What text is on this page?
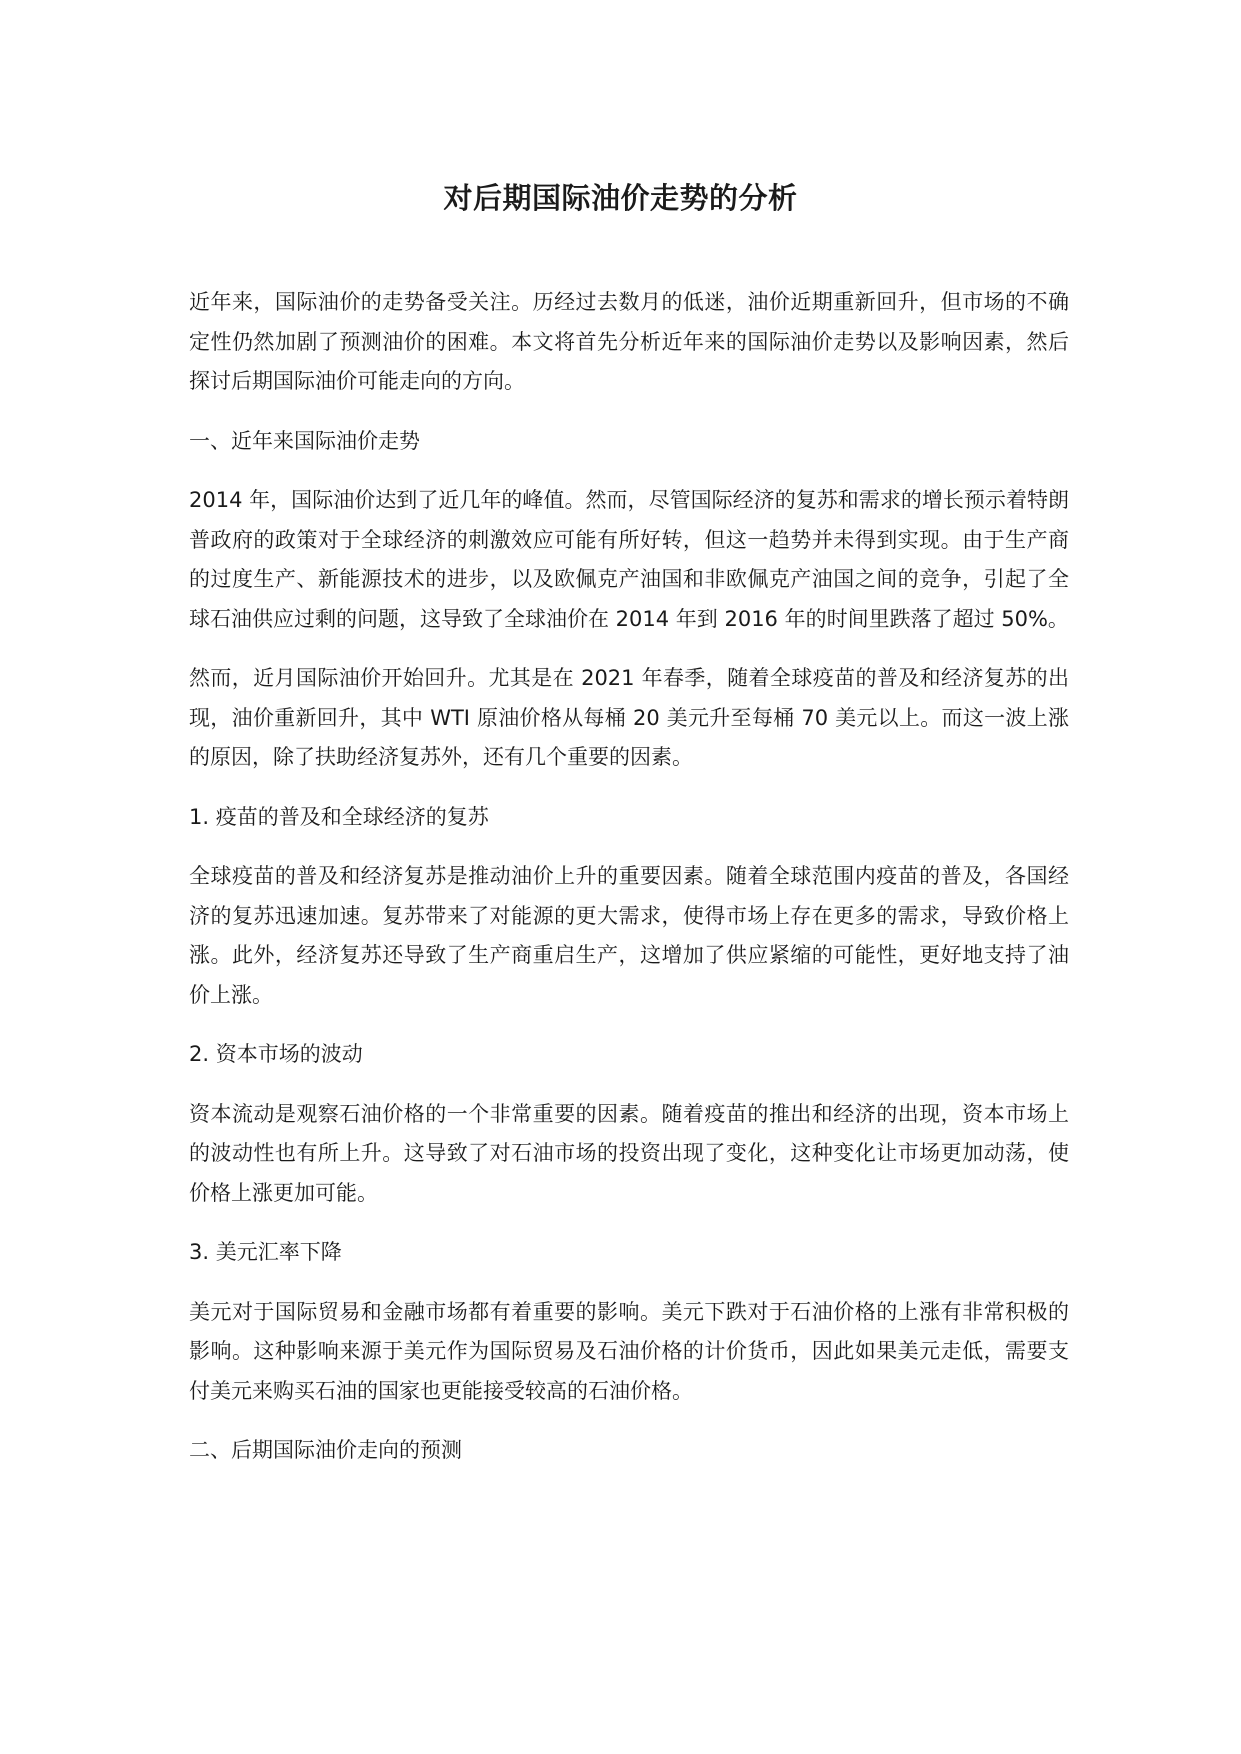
对后期国际油价走势的分析

近年来，国际油价的走势备受关注。历经过去数月的低迷，油价近期重新回升，但市场的不确定性仍然加剧了预测油价的困难。本文将首先分析近年来的国际油价走势以及影响因素，然后探讨后期国际油价可能走向的方向。

一、近年来国际油价走势

2014 年，国际油价达到了近几年的峰值。然而，尽管国际经济的复苏和需求的增长预示着特朗普政府的政策对于全球经济的刺激效应可能有所好转，但这一趋势并未得到实现。由于生产商的过度生产、新能源技术的进步，以及欧佩克产油国和非欧佩克产油国之间的竞争，引起了全球石油供应过剩的问题，这导致了全球油价在 2014 年到 2016 年的时间里跌落了超过 50%。

然而，近月国际油价开始回升。尤其是在 2021 年春季，随着全球疫苗的普及和经济复苏的出现，油价重新回升，其中 WTI 原油价格从每桶 20 美元升至每桶 70 美元以上。而这一波上涨的原因，除了扶助经济复苏外，还有几个重要的因素。

1. 疫苗的普及和全球经济的复苏

全球疫苗的普及和经济复苏是推动油价上升的重要因素。随着全球范围内疫苗的普及，各国经济的复苏迅速加速。复苏带来了对能源的更大需求，使得市场上存在更多的需求，导致价格上涨。此外，经济复苏还导致了生产商重启生产，这增加了供应紧缩的可能性，更好地支持了油价上涨。

2. 资本市场的波动

资本流动是观察石油价格的一个非常重要的因素。随着疫苗的推出和经济的出现，资本市场上的波动性也有所上升。这导致了对石油市场的投资出现了变化，这种变化让市场更加动荡，使价格上涨更加可能。

3. 美元汇率下降

美元对于国际贸易和金融市场都有着重要的影响。美元下跌对于石油价格的上涨有非常积极的影响。这种影响来源于美元作为国际贸易及石油价格的计价货币，因此如果美元走低，需要支付美元来购买石油的国家也更能接受较高的石油价格。

二、后期国际油价走向的预测
